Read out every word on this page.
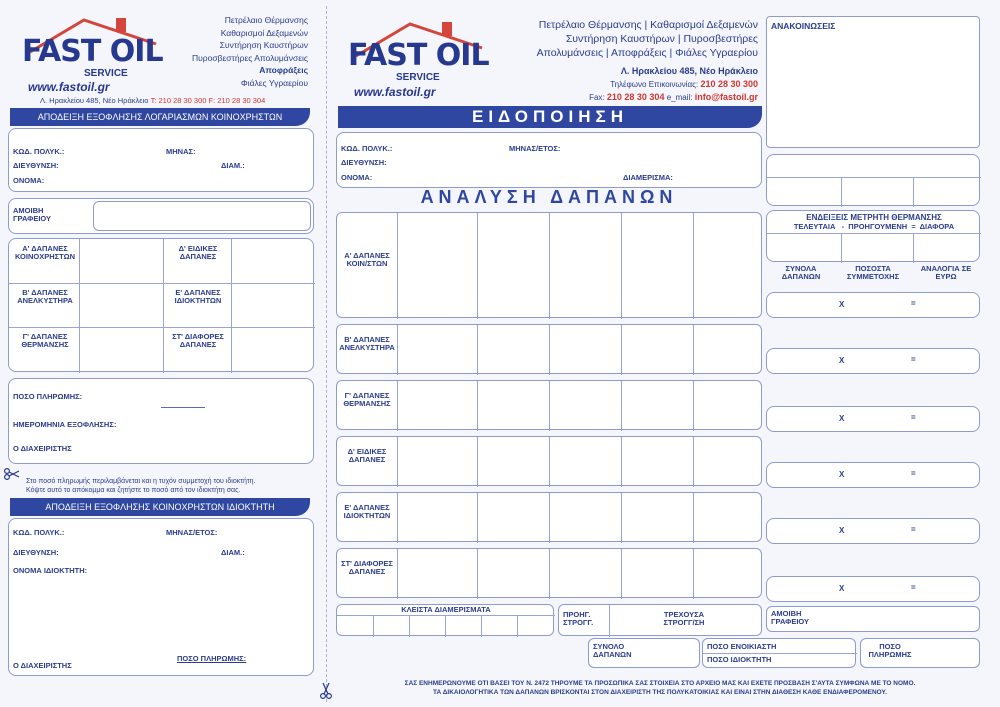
FAST OIL
SERVICE
www.fastoil.gr
Πετρέλαιο Θέρμανσης
Καθαρισμοί Δεξαμενών
Συντήρηση Καυστήρων
Πυροσβεστήρες Απολυμάνσεις
Αποφράξεις
Φιάλες Υγραερίου
Λ. Ηρακλείου 485, Νέο Ηράκλειο T: 210 28 30 300 F: 210 28 30 304
ΑΠΟΔΕΙΞΗ ΕΞΟΦΛΗΣΗΣ ΛΟΓΑΡΙΑΣΜΩΝ ΚΟΙΝΟΧΡΗΣΤΩΝ
ΚΩΔ. ΠΟΛΥΚ.:	ΜΗΝΑΣ:
ΔΙΕΥΘΥΝΣΗ:	ΔΙΑΜ.:
ΟΝΟΜΑ:
ΑΜΟΙΒΗ ΓΡΑΦΕΙΟΥ
Α' ΔΑΠΑΝΕΣ ΚΟΙΝΟΧΡΗΣΤΩΝ
Δ' ΕΙΔΙΚΕΣ ΔΑΠΑΝΕΣ
Β' ΔΑΠΑΝΕΣ ΑΝΕΛΚΥΣΤΗΡΑ
Ε' ΔΑΠΑΝΕΣ ΙΔΙΟΚΤΗΤΩΝ
Γ' ΔΑΠΑΝΕΣ ΘΕΡΜΑΝΣΗΣ
ΣΤ' ΔΙΑΦΟΡΕΣ ΔΑΠΑΝΕΣ
ΠΟΣΟ ΠΛΗΡΩΜΗΣ:
ΗΜΕΡΟΜΗΝΙΑ ΕΞΟΦΛΗΣΗΣ:
Ο ΔΙΑΧΕΙΡΙΣΤΗΣ
Στο ποσό πληρωμής περιλαμβάνεται και η τυχόν συμμετοχή του ιδιοκτήτη.
Κόψτε αυτό το απόκομμα και ζητήστε το ποσό από τον ιδιοκτήτη σας.
ΑΠΟΔΕΙΞΗ ΕΞΟΦΛΗΣΗΣ ΚΟΙΝΟΧΡΗΣΤΩΝ ΙΔΙΟΚΤΗΤΗ
ΚΩΔ. ΠΟΛΥΚ.:	ΜΗΝΑΣ/ΕΤΟΣ:
ΔΙΕΥΘΥΝΣΗ:	ΔΙΑΜ.:
ΟΝΟΜΑ ΙΔΙΟΚΤΗΤΗ:
Ο ΔΙΑΧΕΙΡΙΣΤΗΣ
ΠΟΣΟ ΠΛΗΡΩΜΗΣ:
FAST OIL
SERVICE
www.fastoil.gr
Πετρέλαιο Θέρμανσης | Καθαρισμοί Δεξαμενών
Συντήρηση Καυστήρων | Πυροσβεστήρες
Απολυμάνσεις | Αποφράξεις | Φιάλες Υγραερίου
Λ. Ηρακλείου 485, Νέο Ηράκλειο
Τηλέφωνο Επικοινωνίας: 210 28 30 300
Fax: 210 28 30 304 e_mail: info@fastoil.gr
ΕΙΔΟΠΟΙΗΣΗ
ΚΩΔ. ΠΟΛΥΚ.:	ΜΗΝΑΣ/ΕΤΟΣ:
ΔΙΕΥΘΥΝΣΗ:
ΟΝΟΜΑ:	ΔΙΑΜΕΡΙΣΜΑ:
ΑΝΑΛΥΣΗ ΔΑΠΑΝΩΝ
Α' ΔΑΠΑΝΕΣ ΚΟΙΝ/ΣΤΩΝ
Β' ΔΑΠΑΝΕΣ ΑΝΕΛΚΥΣΤΗΡΑ
Γ' ΔΑΠΑΝΕΣ ΘΕΡΜΑΝΣΗΣ
Δ' ΕΙΔΙΚΕΣ ΔΑΠΑΝΕΣ
Ε' ΔΑΠΑΝΕΣ ΙΔΙΟΚΤΗΤΩΝ
ΣΤ' ΔΙΑΦΟΡΕΣ ΔΑΠΑΝΕΣ
ΚΛΕΙΣΤΑ ΔΙΑΜΕΡΙΣΜΑΤΑ
ΠΡΟΗΓ. ΣΤΡΟΓΓ.
ΤΡΕΧΟΥΣΑ ΣΤΡΟΓΓ/ΣΗ
ΣΥΝΟΛΟ ΔΑΠΑΝΩΝ
ΠΟΣΟ ΕΝΟΙΚΙΑΣΤΗ
ΠΟΣΟ ΙΔΙΟΚΤΗΤΗ
ΠΟΣΟ ΠΛΗΡΩΜΗΣ
ΣΑΣ ΕΝΗΜΕΡΩΝΟΥΜΕ ΟΤΙ ΒΑΣΕΙ ΤΟΥ Ν. 2472 ΤΗΡΟΥΜΕ ΤΑ ΠΡΟΣΩΠΙΚΑ ΣΑΣ ΣΤΟΙΧΕΙΑ ΣΤΟ ΑΡΧΕΙΟ ΜΑΣ ΚΑΙ ΕΧΕΤΕ ΠΡΟΣΒΑΣΗ Σ'ΑΥΤΑ ΣΥΜΦΩΝΑ ΜΕ ΤΟ ΝΟΜΟ.
ΤΑ ΔΙΚΑΙΟΛΟΓΗΤΙΚΑ ΤΩΝ ΔΑΠΑΝΩΝ ΒΡΙΣΚΟΝΤΑΙ ΣΤΟΝ ΔΙΑΧΕΙΡΙΣΤΗ ΤΗΣ ΠΟΛΥΚΑΤΟΙΚΙΑΣ ΚΑΙ ΕΙΝΑΙ ΣΤΗΝ ΔΙΑΘΕΣΗ ΚΑΘΕ ΕΝΔΙΑΦΕΡΟΜΕΝΟΥ.
ΑΝΑΚΟΙΝΩΣΕΙΣ
ΕΝΔΕΙΞΕΙΣ ΜΕΤΡΗΤΗ ΘΕΡΜΑΝΣΗΣ
ΤΕΛΕΥΤΑΙΑ   -  ΠΡΟΗΓΟΥΜΕΝΗ  =  ΔΙΑΦΟΡΑ
ΣΥΝΟΛΑ ΔΑΠΑΝΩΝ
ΠΟΣΟΣΤΑ ΣΥΜΜΕΤΟΧΗΣ
ΑΝΑΛΟΓΙΑ ΣΕ ΕΥΡΩ
X	=
X	=
X	=
X	=
X	=
X	=
ΑΜΟΙΒΗ ΓΡΑΦΕΙΟΥ
